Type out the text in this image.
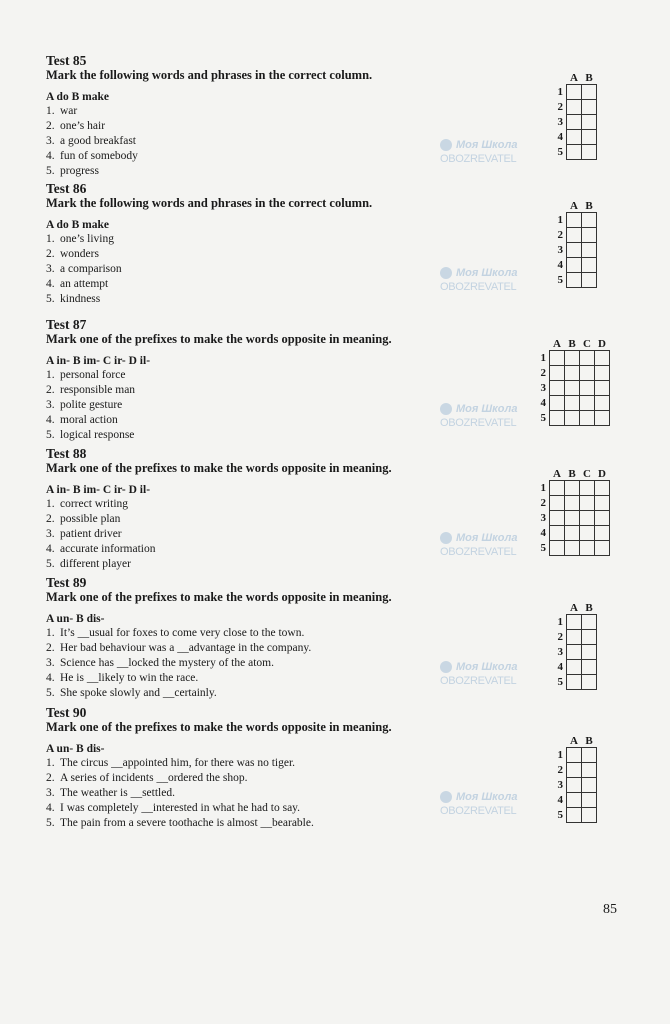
Моя Школа
OBOZREVATEL
Моя Школа
OBOZREVATEL
Моя Школа
OBOZREVATEL
Моя Школа
OBOZREVATEL
Моя Школа
OBOZREVATEL
Моя Школа
OBOZREVATEL
Test 85
Mark the following words and phrases in the correct column.
A do B make
1. war
2. one’s hair
3. a good breakfast
4. fun of somebody
5. progress
	A	B
1		
2		
3		
4		
5		
Test 86
Mark the following words and phrases in the correct column.
A do B make
1. one’s living
2. wonders
3. a comparison
4. an attempt
5. kindness
	A	B
1		
2		
3		
4		
5		
Test 87
Mark one of the prefixes to make the words opposite in meaning.
A in- B im- C ir- D il-
1. personal force
2. responsible man
3. polite gesture
4. moral action
5. logical response
	A	B	C	D
1				
2				
3				
4				
5				
Test 88
Mark one of the prefixes to make the words opposite in meaning.
A in- B im- C ir- D il-
1. correct writing
2. possible plan
3. patient driver
4. accurate information
5. different player
	A	B	C	D
1				
2				
3				
4				
5				
Test 89
Mark one of the prefixes to make the words opposite in meaning.
A un- B dis-
1. It’s __usual for foxes to come very close to the town.
2. Her bad behaviour was a __advantage in the company.
3. Science has __locked the mystery of the atom.
4. He is __likely to win the race.
5. She spoke slowly and __certainly.
	A	B
1		
2		
3		
4		
5		
Test 90
Mark one of the prefixes to make the words opposite in meaning.
A un- B dis-
1. The circus __appointed him, for there was no tiger.
2. A series of incidents __ordered the shop.
3. The weather is __settled.
4. I was completely __interested in what he had to say.
5. The pain from a severe toothache is almost __bearable.
	A	B
1		
2		
3		
4		
5		
85
